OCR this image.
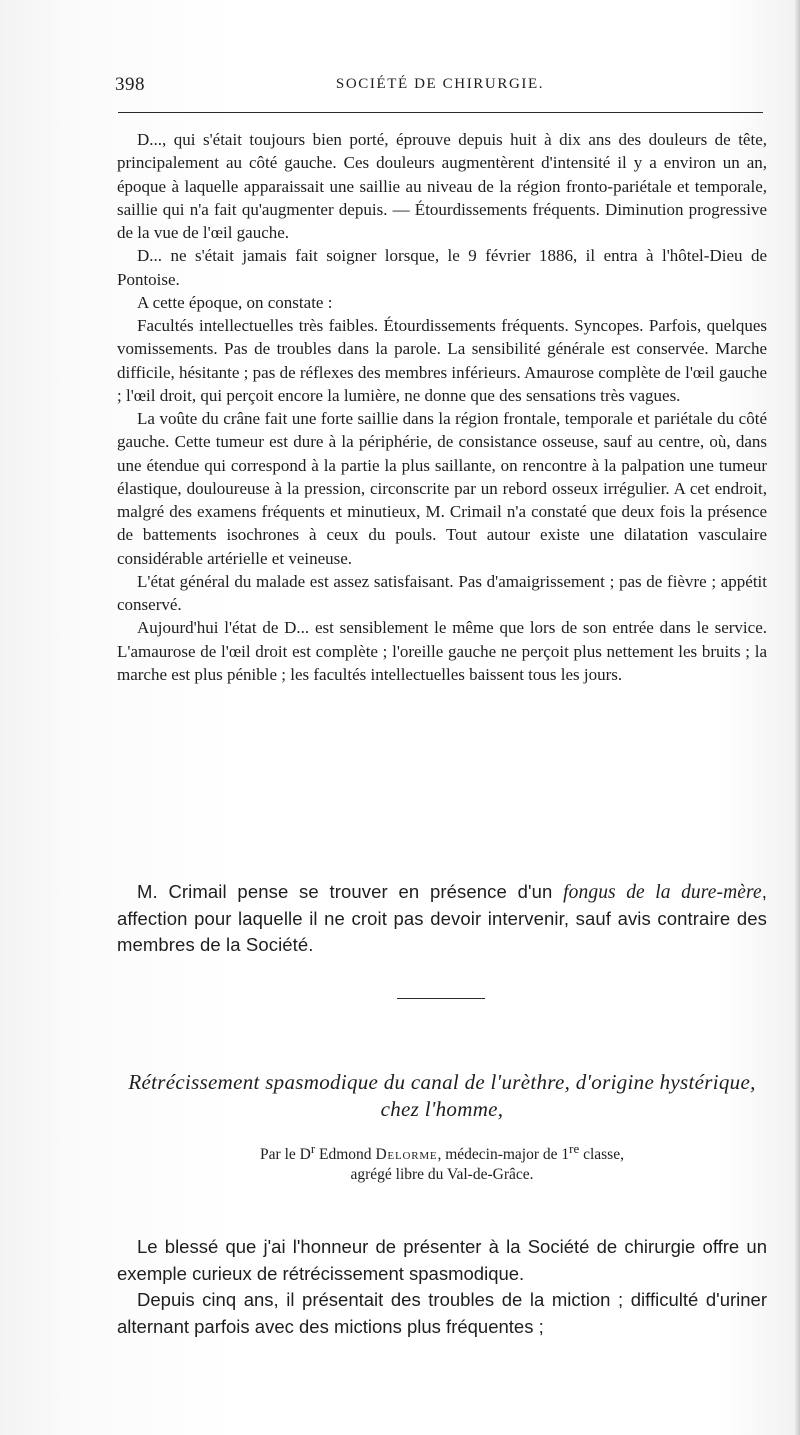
398	SOCIÉTÉ DE CHIRURGIE.

D..., qui s'était toujours bien porté, éprouve depuis huit à dix ans des douleurs de tête, principalement au côté gauche. Ces douleurs augmentèrent d'intensité il y a environ un an, époque à laquelle apparaissait une saillie au niveau de la région fronto-pariétale et temporale, saillie qui n'a fait qu'augmenter depuis. — Étourdissements fréquents. Diminution progressive de la vue de l'œil gauche.

D... ne s'était jamais fait soigner lorsque, le 9 février 1886, il entra à l'hôtel-Dieu de Pontoise.

A cette époque, on constate :

Facultés intellectuelles très faibles. Étourdissements fréquents. Syncopes. Parfois, quelques vomissements. Pas de troubles dans la parole. La sensibilité générale est conservée. Marche difficile, hésitante ; pas de réflexes des membres inférieurs. Amaurose complète de l'œil gauche ; l'œil droit, qui perçoit encore la lumière, ne donne que des sensations très vagues.

La voûte du crâne fait une forte saillie dans la région frontale, temporale et pariétale du côté gauche. Cette tumeur est dure à la périphérie, de consistance osseuse, sauf au centre, où, dans une étendue qui correspond à la partie la plus saillante, on rencontre à la palpation une tumeur élastique, douloureuse à la pression, circonscrite par un rebord osseux irrégulier. A cet endroit, malgré des examens fréquents et minutieux, M. Crimail n'a constaté que deux fois la présence de battements isochrones à ceux du pouls. Tout autour existe une dilatation vasculaire considérable artérielle et veineuse.

L'état général du malade est assez satisfaisant. Pas d'amaigrissement ; pas de fièvre ; appétit conservé.

Aujourd'hui l'état de D... est sensiblement le même que lors de son entrée dans le service. L'amaurose de l'œil droit est complète ; l'oreille gauche ne perçoit plus nettement les bruits ; la marche est plus pénible ; les facultés intellectuelles baissent tous les jours.

M. Crimail pense se trouver en présence d'un fongus de la dure-mère, affection pour laquelle il ne croit pas devoir intervenir, sauf avis contraire des membres de la Société.

Rétrécissement spasmodique du canal de l'urèthre, d'origine hystérique, chez l'homme,
Par le $D^r$ Edmond Delorme, médecin-major de 1re classe,
agrégé libre du Val-de-Grâce.

Le blessé que j'ai l'honneur de présenter à la Société de chirurgie offre un exemple curieux de rétrécissement spasmodique.

Depuis cinq ans, il présentait des troubles de la miction ; difficulté d'uriner alternant parfois avec des mictions plus fréquentes ;
